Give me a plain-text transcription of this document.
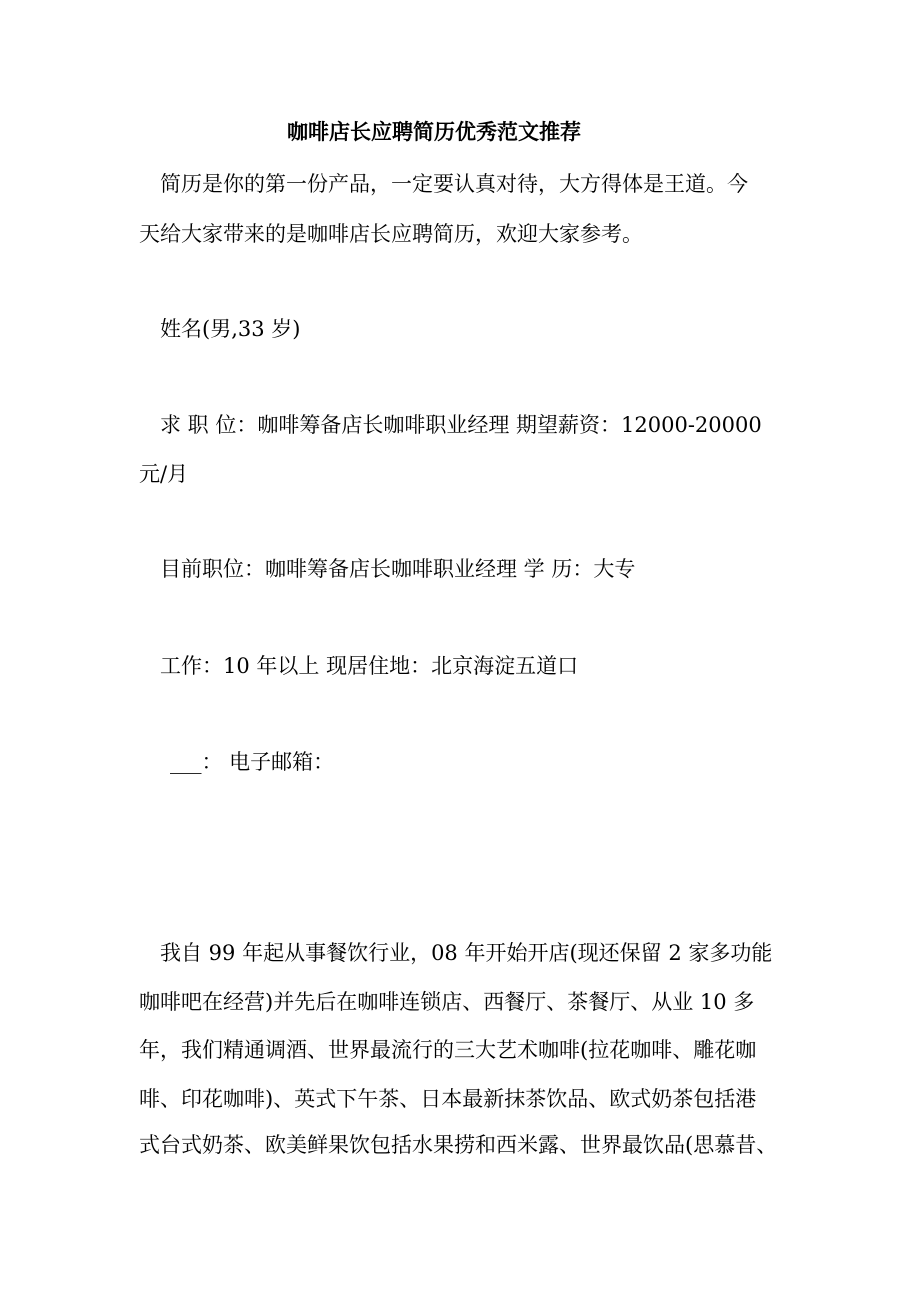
咖啡店长应聘简历优秀范文推荐
简历是你的第一份产品，一定要认真对待，大方得体是王道。今
天给大家带来的是咖啡店长应聘简历，欢迎大家参考。
姓名(男,33 岁)
求 职 位：咖啡筹备店长咖啡职业经理 期望薪资：12000-20000
元/月
目前职位：咖啡筹备店长咖啡职业经理 学 历：大专
工作：10 年以上 现居住地：北京海淀五道口
___： 电子邮箱：
我自 99 年起从事餐饮行业，08 年开始开店(现还保留 2 家多功能
咖啡吧在经营)并先后在咖啡连锁店、西餐厅、茶餐厅、从业 10 多
年，我们精通调酒、世界最流行的三大艺术咖啡(拉花咖啡、雕花咖
啡、印花咖啡)、英式下午茶、日本最新抹茶饮品、欧式奶茶包括港
式台式奶茶、欧美鲜果饮包括水果捞和西米露、世界最饮品(思慕昔、
